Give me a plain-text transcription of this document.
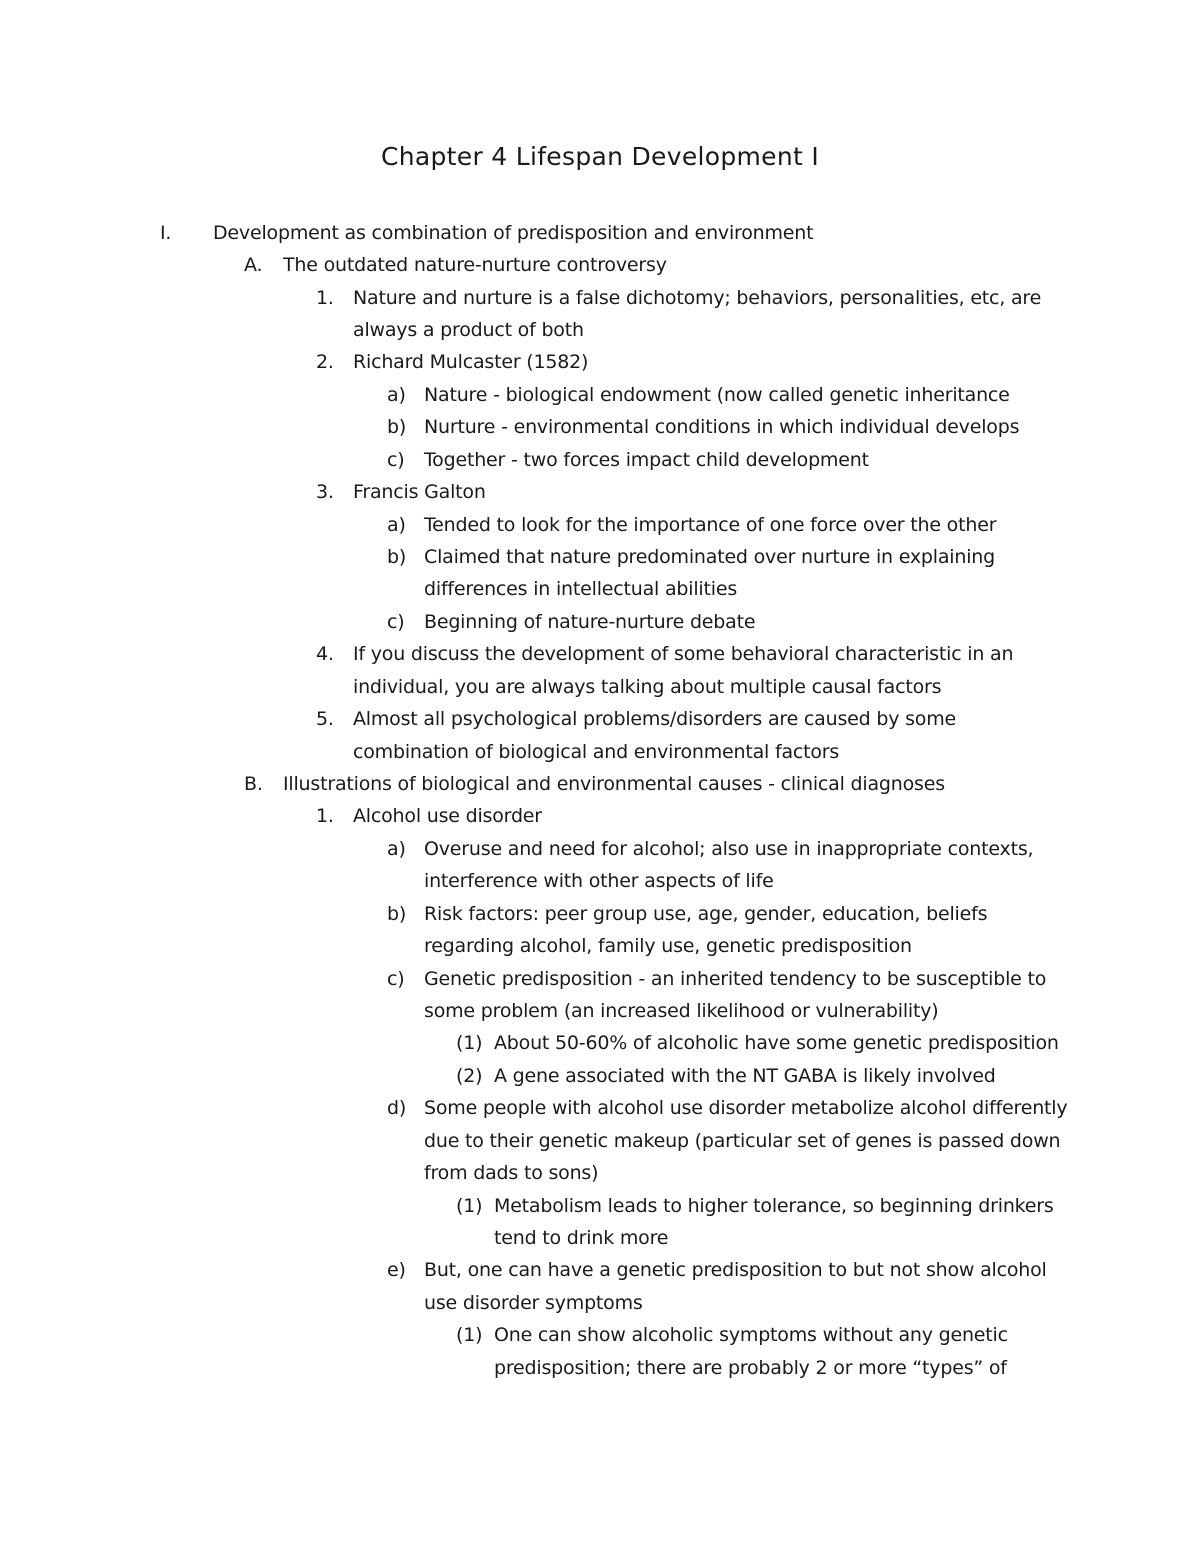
Chapter 4 Lifespan Development I
I. Development as combination of predisposition and environment
A. The outdated nature-nurture controversy
1. Nature and nurture is a false dichotomy; behaviors, personalities, etc, are
always a product of both
2. Richard Mulcaster (1582)
a) Nature - biological endowment (now called genetic inheritance
b) Nurture - environmental conditions in which individual develops
c) Together - two forces impact child development
3. Francis Galton
a) Tended to look for the importance of one force over the other
b) Claimed that nature predominated over nurture in explaining
differences in intellectual abilities
c) Beginning of nature-nurture debate
4. If you discuss the development of some behavioral characteristic in an
individual, you are always talking about multiple causal factors
5. Almost all psychological problems/disorders are caused by some
combination of biological and environmental factors
B. Illustrations of biological and environmental causes - clinical diagnoses
1. Alcohol use disorder
a) Overuse and need for alcohol; also use in inappropriate contexts,
interference with other aspects of life
b) Risk factors: peer group use, age, gender, education, beliefs
regarding alcohol, family use, genetic predisposition
c) Genetic predisposition - an inherited tendency to be susceptible to
some problem (an increased likelihood or vulnerability)
(1) About 50-60% of alcoholic have some genetic predisposition
(2) A gene associated with the NT GABA is likely involved
d) Some people with alcohol use disorder metabolize alcohol differently
due to their genetic makeup (particular set of genes is passed down
from dads to sons)
(1) Metabolism leads to higher tolerance, so beginning drinkers
tend to drink more
e) But, one can have a genetic predisposition to but not show alcohol
use disorder symptoms
(1) One can show alcoholic symptoms without any genetic
predisposition; there are probably 2 or more “types” of
